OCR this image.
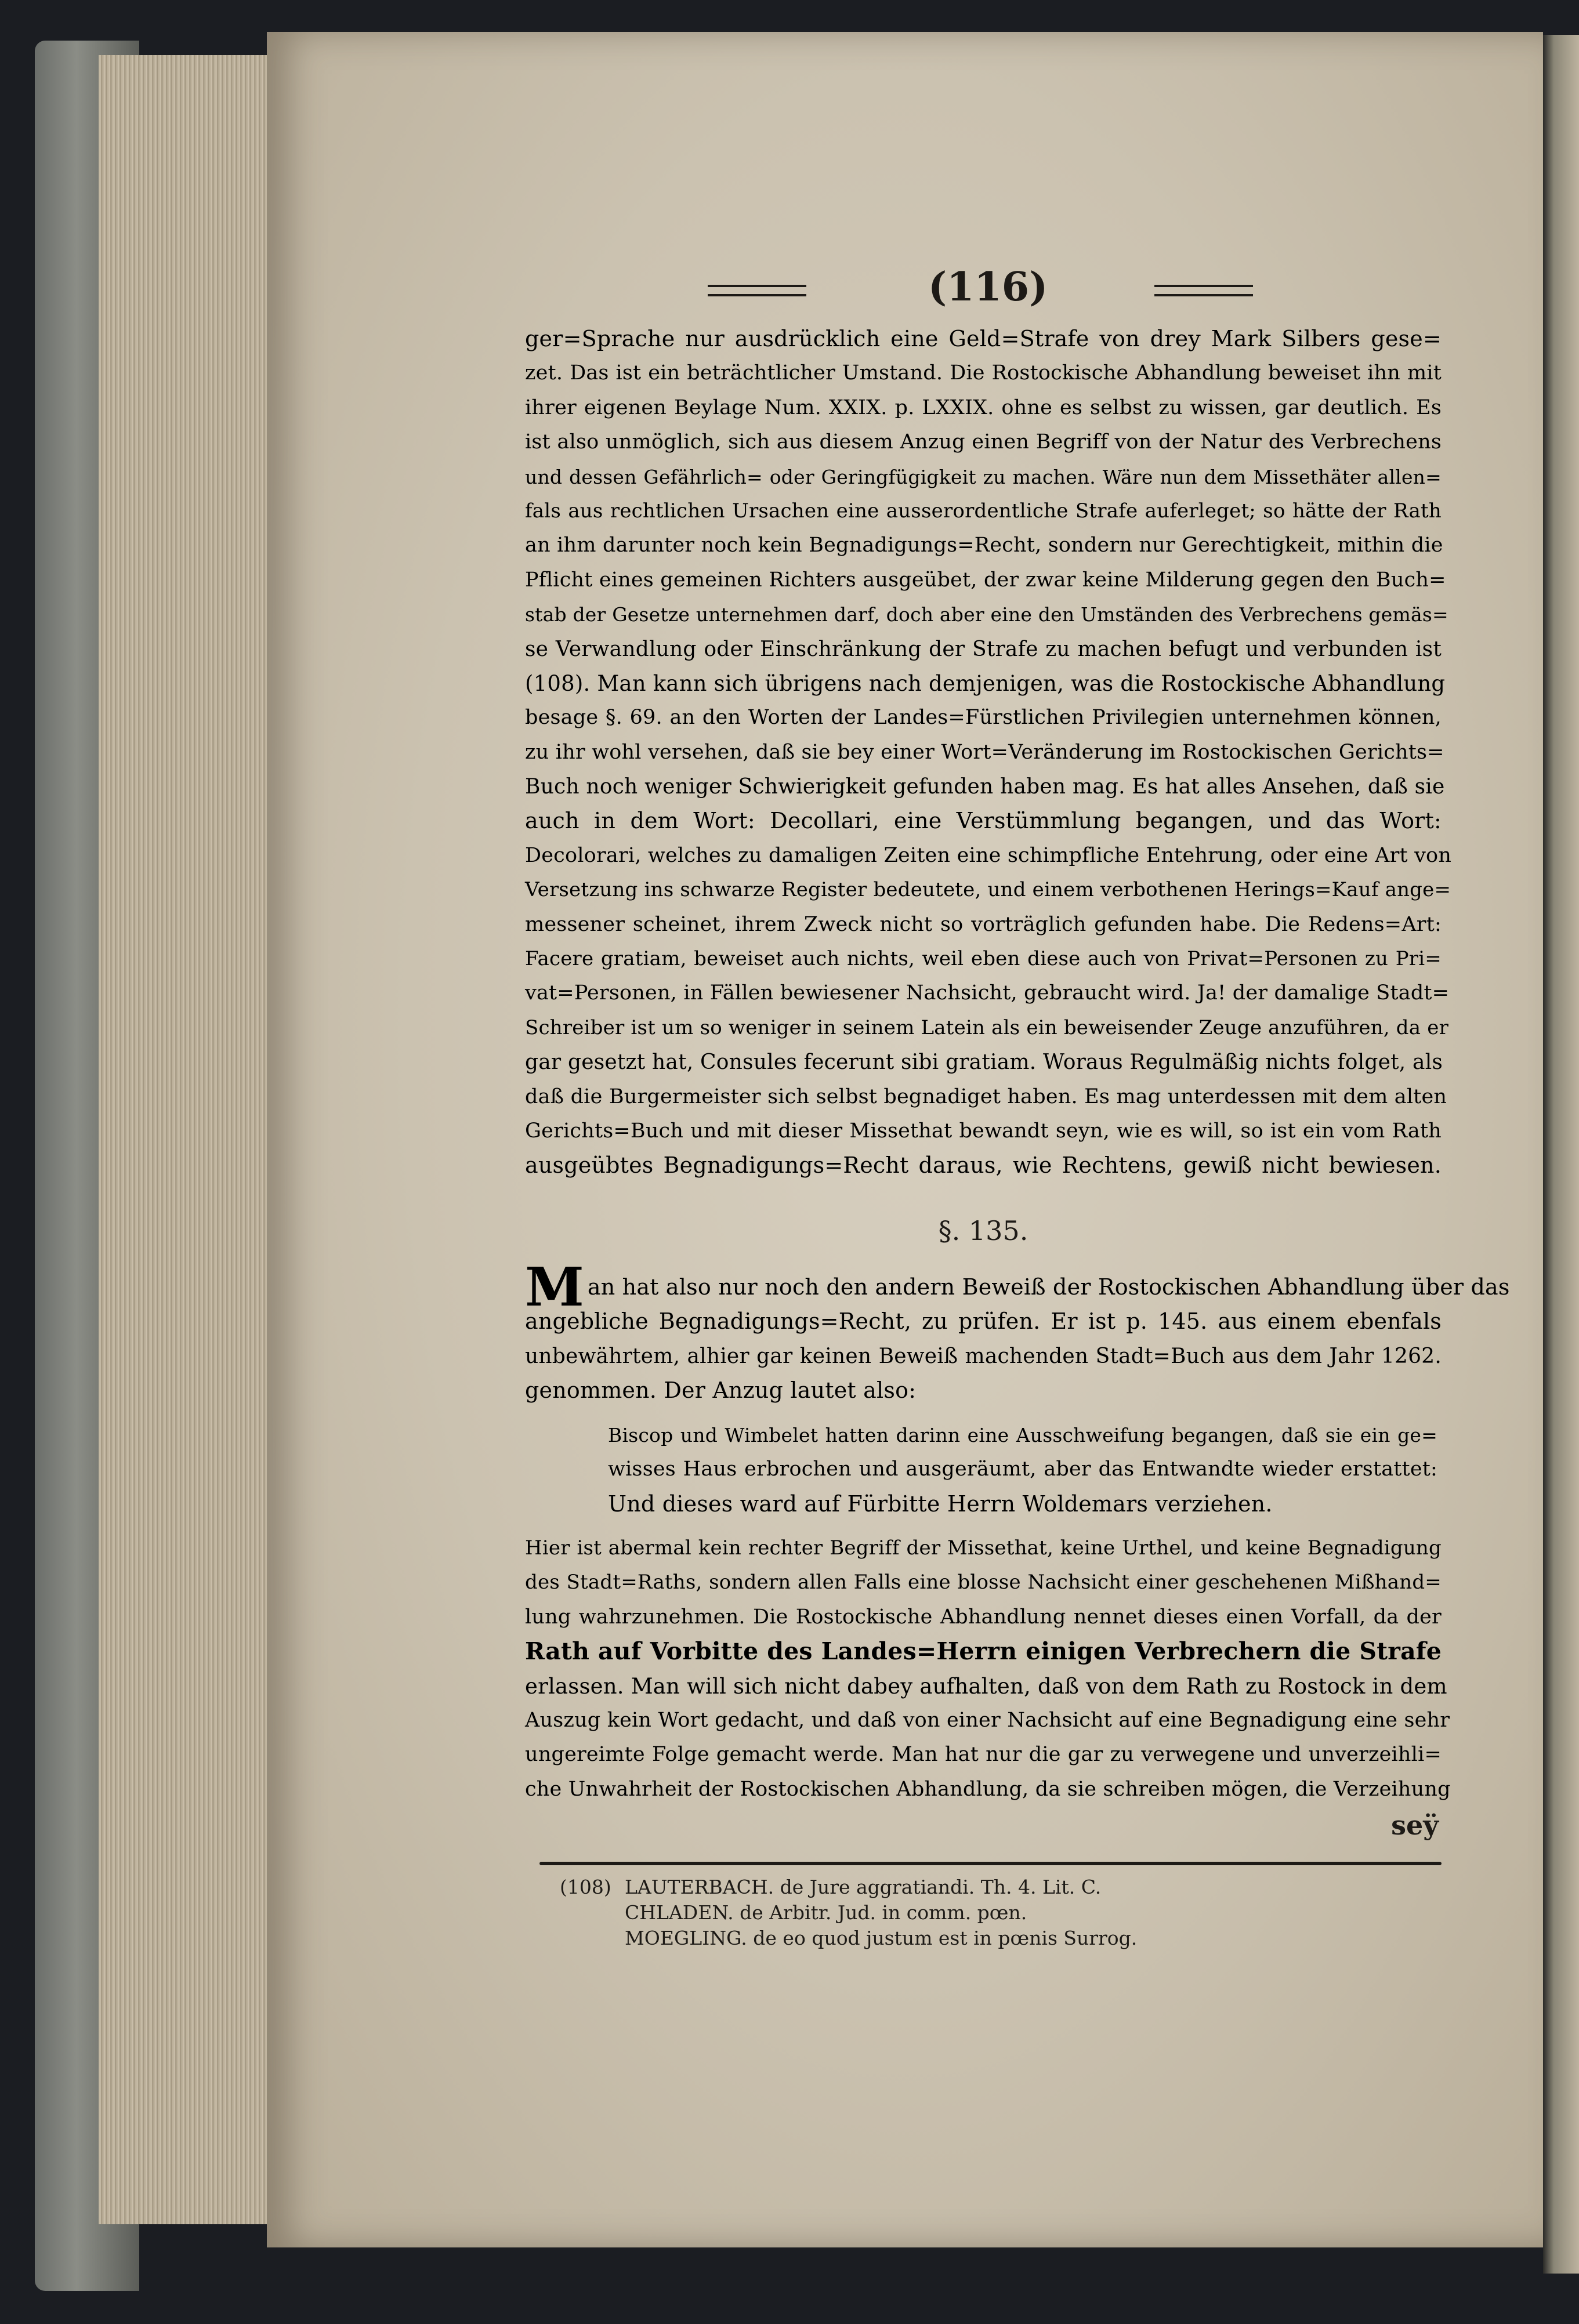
(116)
ger=Sprache nur ausdrücklich eine Geld=Strafe von drey Mark Silbers gese=
zet. Das ist ein beträchtlicher Umstand. Die Rostockische Abhandlung beweiset ihn mit
ihrer eigenen Beylage Num. XXIX. p. LXXIX. ohne es selbst zu wissen, gar deutlich. Es
ist also unmöglich, sich aus diesem Anzug einen Begriff von der Natur des Verbrechens
und dessen Gefährlich= oder Geringfügigkeit zu machen. Wäre nun dem Missethäter allen=
fals aus rechtlichen Ursachen eine ausserordentliche Strafe auferleget; so hätte der Rath
an ihm darunter noch kein Begnadigungs=Recht, sondern nur Gerechtigkeit, mithin die
Pflicht eines gemeinen Richters ausgeübet, der zwar keine Milderung gegen den Buch=
stab der Gesetze unternehmen darf, doch aber eine den Umständen des Verbrechens gemäs=
se Verwandlung oder Einschränkung der Strafe zu machen befugt und verbunden ist
(108). Man kann sich übrigens nach demjenigen, was die Rostockische Abhandlung
besage §. 69. an den Worten der Landes=Fürstlichen Privilegien unternehmen können,
zu ihr wohl versehen, daß sie bey einer Wort=Veränderung im Rostockischen Gerichts=
Buch noch weniger Schwierigkeit gefunden haben mag. Es hat alles Ansehen, daß sie
auch in dem Wort: Decollari, eine Verstümmlung begangen, und das Wort:
Decolorari, welches zu damaligen Zeiten eine schimpfliche Entehrung, oder eine Art von
Versetzung ins schwarze Register bedeutete, und einem verbothenen Herings=Kauf ange=
messener scheinet, ihrem Zweck nicht so vorträglich gefunden habe. Die Redens=Art:
Facere gratiam, beweiset auch nichts, weil eben diese auch von Privat=Personen zu Pri=
vat=Personen, in Fällen bewiesener Nachsicht, gebraucht wird. Ja! der damalige Stadt=
Schreiber ist um so weniger in seinem Latein als ein beweisender Zeuge anzuführen, da er
gar gesetzt hat, Consules fecerunt sibi gratiam. Woraus Regulmäßig nichts folget, als
daß die Burgermeister sich selbst begnadiget haben. Es mag unterdessen mit dem alten
Gerichts=Buch und mit dieser Missethat bewandt seyn, wie es will, so ist ein vom Rath
ausgeübtes Begnadigungs=Recht daraus, wie Rechtens, gewiß nicht bewiesen.
§. 135.
M an hat also nur noch den andern Beweiß der Rostockischen Abhandlung über das
angebliche Begnadigungs=Recht, zu prüfen. Er ist p. 145. aus einem ebenfals
unbewährtem, alhier gar keinen Beweiß machenden Stadt=Buch aus dem Jahr 1262.
genommen. Der Anzug lautet also:
Biscop und Wimbelet hatten darinn eine Ausschweifung begangen, daß sie ein ge=
wisses Haus erbrochen und ausgeräumt, aber das Entwandte wieder erstattet:
Und dieses ward auf Fürbitte Herrn Woldemars verziehen.
Hier ist abermal kein rechter Begriff der Missethat, keine Urthel, und keine Begnadigung
des Stadt=Raths, sondern allen Falls eine blosse Nachsicht einer geschehenen Mißhand=
lung wahrzunehmen. Die Rostockische Abhandlung nennet dieses einen Vorfall, da der
Rath auf Vorbitte des Landes=Herrn einigen Verbrechern die Strafe
erlassen. Man will sich nicht dabey aufhalten, daß von dem Rath zu Rostock in dem
Auszug kein Wort gedacht, und daß von einer Nachsicht auf eine Begnadigung eine sehr
ungereimte Folge gemacht werde. Man hat nur die gar zu verwegene und unverzeihli=
che Unwahrheit der Rostockischen Abhandlung, da sie schreiben mögen, die Verzeihung
seÿ
(108) LAUTERBACH. de Jure aggratiandi. Th. 4. Lit. C.
CHLADEN. de Arbitr. Jud. in comm. pœn.
MOEGLING. de eo quod justum est in pœnis Surrog.
